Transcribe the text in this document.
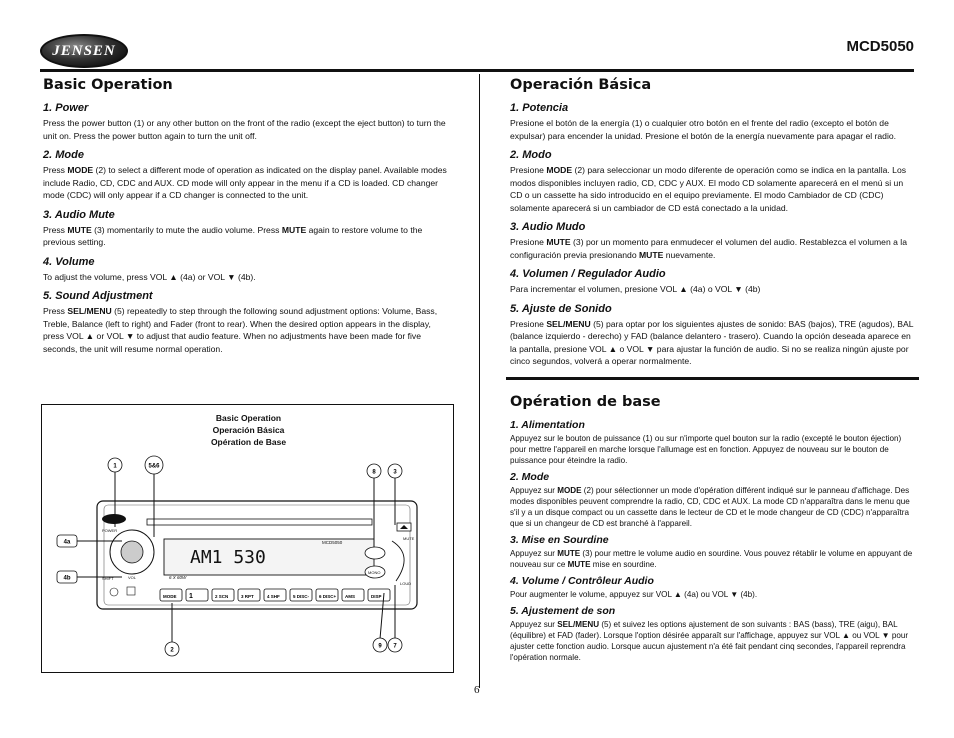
JENSEN	MCD5050
Basic Operation
1. Power

Press the power button (1) or any other button on the front of the radio (except the eject button) to turn the unit on. Press the power button again to turn the unit off.

2. Mode

Press MODE (2) to select a different mode of operation as indicated on the display panel. Available modes include Radio, CD, CDC and AUX. CD mode will only appear in the menu if a CD is loaded. CD changer mode (CDC) will only appear if a CD changer is connected to the unit.

3. Audio Mute

Press MUTE (3) momentarily to mute the audio volume. Press MUTE again to restore volume to the previous setting.

4. Volume

To adjust the volume, press VOL ▲ (4a) or VOL ▼ (4b).

5. Sound Adjustment

Press SEL/MENU (5) repeatedly to step through the following sound adjustment options: Volume, Bass, Treble, Balance (left to right) and Fader (front to rear). When the desired option appears in the display, press VOL ▲ or VOL ▼ to adjust that audio feature. When no adjustments have been made for five seconds, the unit will resume normal operation.

Operación Básica
1. Potencia

Presione el botón de la energía (1) o cualquier otro botón en el frente del radio (excepto el botón de expulsar) para encender la unidad. Presione el botón de la energía nuevamente para apagar el radio.

2. Modo

Presione MODE (2) para seleccionar un modo diferente de operación como se indica en la pantalla. Los modos disponibles incluyen radio, CD, CDC y AUX. El modo CD solamente aparecerá en el menú si un CD o un cassette ha sido introducido en el equipo previamente. El modo Cambiador de CD (CDC) solamente aparecerá si un cambiador de CD está conectado a la unidad.

3. Audio Mudo

Presione MUTE (3) por un momento para enmudecer el volumen del audio. Restablezca el volumen a la configuración previa presionando MUTE nuevamente.

4. Volumen / Regulador Audio

Para incrementar el volumen, presione VOL ▲ (4a) o VOL ▼ (4b)

5. Ajuste de Sonido

Presione SEL/MENU (5) para optar por los siguientes ajustes de sonido: BAS (bajos), TRE (agudos), BAL (balance izquierdo - derecho) y FAD (balance delantero - trasero). Cuando la opción deseada aparece en la pantalla, presione VOL ▲ o VOL ▼ para ajustar la función de audio. Si no se realiza ningún ajuste por cinco segundos, volverá a operar normalmente.

Opération de base
1. Alimentation

Appuyez sur le bouton de puissance (1) ou sur n'importe quel bouton sur la radio (excepté le bouton éjection) pour mettre l'appareil en marche lorsque l'allumage est en fonction. Appuyez de nouveau sur le bouton de puissance pour éteindre la radio.

2. Mode

Appuyez sur MODE (2) pour sélectionner un mode d'opération différent indiqué sur le panneau d'affichage. Des modes disponibles peuvent comprendre la radio, CD, CDC et AUX. La mode CD n'apparaîtra dans le menu que s'il y a un disque compact ou un cassette dans le lecteur de CD et le mode changeur de CD (CDC) n'apparaîtra que si un changeur de CD est branché à l'appareil.

3. Mise en Sourdine

Appuyez sur MUTE (3) pour mettre le volume audio en sourdine. Vous pouvez rétablir le volume en appuyant de nouveau sur ce MUTE mise en sourdine.

4. Volume / Contrôleur Audio

Pour augmenter le volume, appuyez sur VOL ▲ (4a) ou VOL ▼ (4b).

5. Ajustement de son

Appuyez sur SEL/MENU (5) et suivez les options ajustement de son suivants : BAS (bass), TRE (aigu), BAL (équilibre) et FAD (fader). Lorsque l'option désirée apparaît sur l'affichage, appuyez sur VOL ▲ ou VOL ▼ pour ajuster cette fonction audio. Lorsque aucun ajustement n'a été fait pendant cinq secondes, l'appareil reprendra l'opération normale.

Basic Operation
Operación Básica
Opération de Base
AM1 530
MCD5050
6 X 60W
MONO
MUTE
LOUD
POWER
SHIFT	VOL
MODE 1	2 SCN	3 RPT	4 SHF	5 DISC- 6 DISC+ AMS	DISP
1	5&6
8	3
4a
4b
2
9 7
6
